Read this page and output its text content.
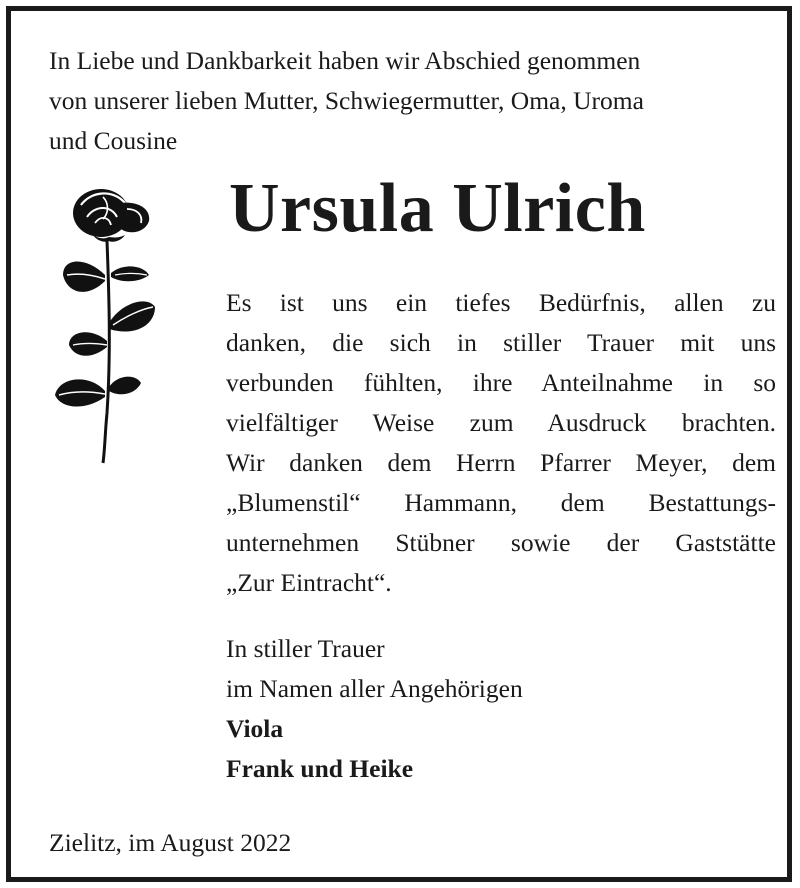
In Liebe und Dankbarkeit haben wir Abschied genommen
von unserer lieben Mutter, Schwiegermutter, Oma, Uroma
und Cousine

Ursula Ulrich

Es ist uns ein tiefes Bedürfnis, allen zu
danken, die sich in stiller Trauer mit uns
verbunden fühlten, ihre Anteilnahme in so
vielfältiger Weise zum Ausdruck brachten.
Wir danken dem Herrn Pfarrer Meyer, dem
„Blumenstil“ Hammann, dem Bestattungs-
unternehmen Stübner sowie der Gaststätte
„Zur Eintracht“.

In stiller Trauer
im Namen aller Angehörigen
Viola
Frank und Heike

Zielitz, im August 2022
